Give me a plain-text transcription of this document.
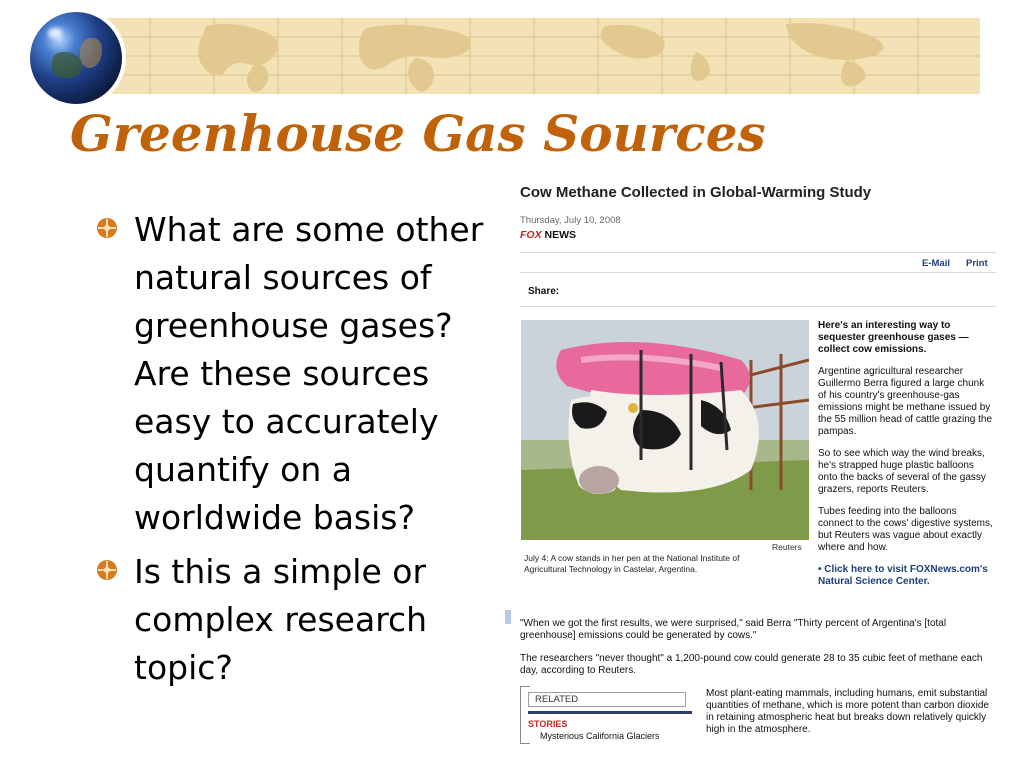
Greenhouse Gas Sources
What are some other natural sources of greenhouse gases? Are these sources easy to accurately quantify on a worldwide basis?
Is this a simple or complex research topic?
Cow Methane Collected in Global-Warming Study
Thursday, July 10, 2008
FOX NEWS
E-Mail Print
Share:
Reuters
July 4: A cow stands in her pen at the National Institute of Agricultural Technology in Castelar, Argentina.

Here's an interesting way to sequester greenhouse gases — collect cow emissions.

Argentine agricultural researcher Guillermo Berra figured a large chunk of his country's greenhouse-gas emissions might be methane issued by the 55 million head of cattle grazing the pampas.

So to see which way the wind breaks, he's strapped huge plastic balloons onto the backs of several of the gassy grazers, reports Reuters.

Tubes feeding into the balloons connect to the cows' digestive systems, but Reuters was vague about exactly where and how.

• Click here to visit FOXNews.com's Natural Science Center.

"When we got the first results, we were surprised," said Berra "Thirty percent of Argentina's [total greenhouse] emissions could be generated by cows."
The researchers "never thought" a 1,200-pound cow could generate 28 to 35 cubic feet of methane each day, according to Reuters.
RELATED
STORIES
Mysterious California Glaciers
Most plant-eating mammals, including humans, emit substantial quantities of methane, which is more potent than carbon dioxide in retaining atmospheric heat but breaks down relatively quickly high in the atmosphere.
